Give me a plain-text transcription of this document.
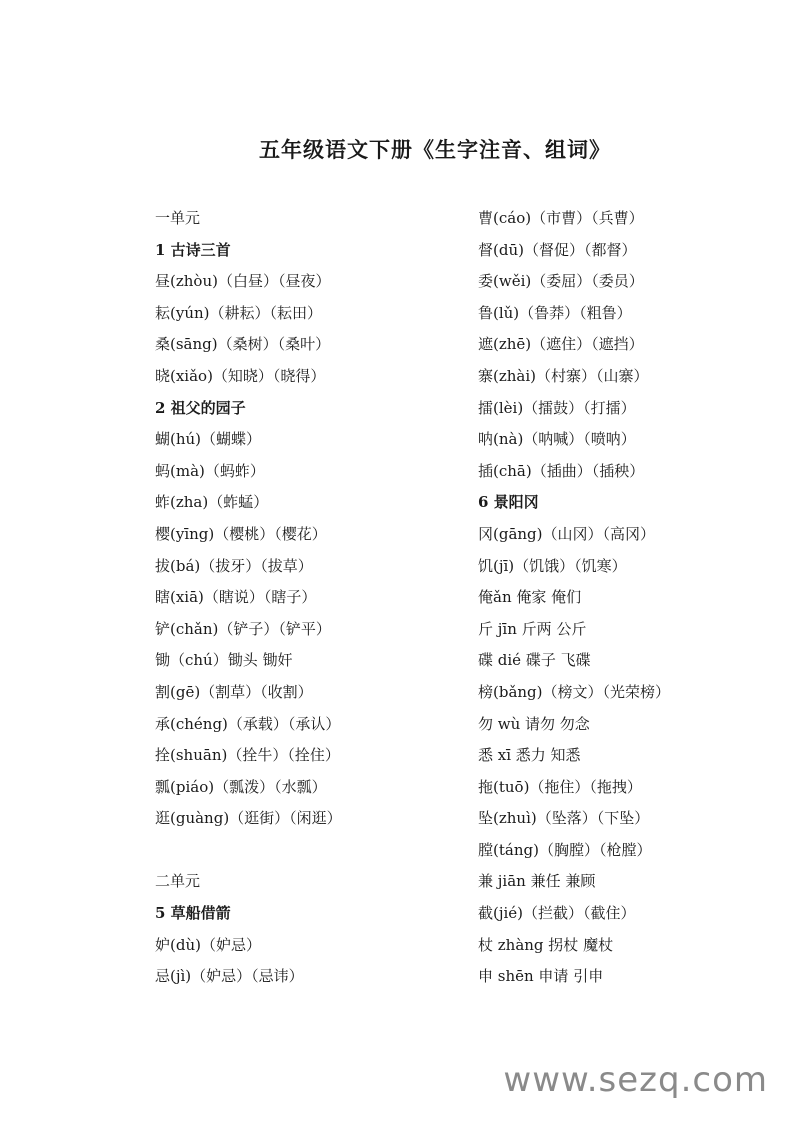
五年级语文下册《生字注音、组词》
一单元
1 古诗三首
昼(zhòu)（白昼）（昼夜）
耘(yún)（耕耘）（耘田）
桑(sāng)（桑树）（桑叶）
晓(xiǎo)（知晓）（晓得）
2 祖父的园子
蝴(hú)（蝴蝶）
蚂(mà)（蚂蚱）
蚱(zha)（蚱蜢）
樱(yīng)（樱桃）（樱花）
拔(bá)（拔牙）（拔草）
瞎(xiā)（瞎说）（瞎子）
铲(chǎn)（铲子）（铲平）
锄（chú）锄头 锄奸
割(gē)（割草）（收割）
承(chéng)（承载）（承认）
拴(shuān)（拴牛）（拴住）
瓢(piáo)（瓢泼）（水瓢）
逛(guàng)（逛街）（闲逛）
二单元
5 草船借箭
妒(dù)（妒忌）
忌(jì)（妒忌）（忌讳）
曹(cáo)（市曹）（兵曹）
督(dū)（督促）（都督）
委(wěi)（委屈）（委员）
鲁(lǔ)（鲁莽）（粗鲁）
遮(zhē)（遮住）（遮挡）
寨(zhài)（村寨）（山寨）
擂(lèi)（擂鼓）（打擂）
呐(nà)（呐喊）（喷呐）
插(chā)（插曲）（插秧）
6 景阳冈
冈(gāng)（山冈）（高冈）
饥(jī)（饥饿）（饥寒）
俺ǎn 俺家 俺们
斤 jīn 斤两 公斤
碟 dié 碟子 飞碟
榜(bǎng)（榜文）（光荣榜）
勿 wù 请勿 勿念
悉 xī 悉力 知悉
拖(tuō)（拖住）（拖拽）
坠(zhuì)（坠落）（下坠）
膛(táng)（胸膛）（枪膛）
兼 jiān 兼任 兼顾
截(jié)（拦截）（截住）
杖 zhàng 拐杖 魔杖
申 shēn 申请 引申
www.sezq.com
